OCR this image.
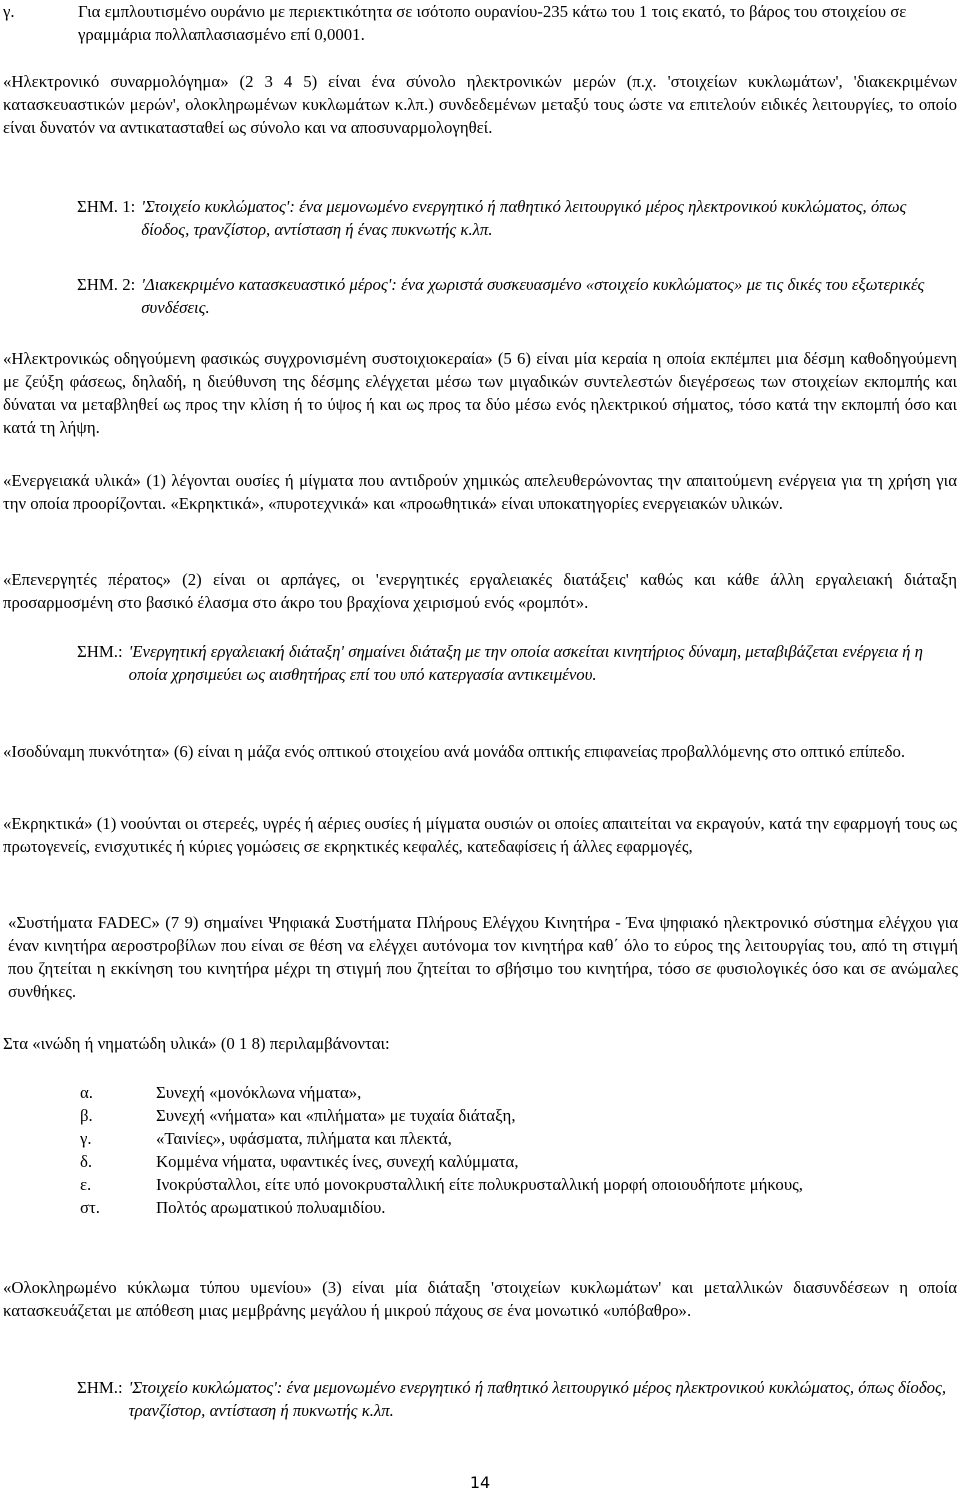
γ.	Για εμπλουτισμένο ουράνιο με περιεκτικότητα σε ισότοπο ουρανίου-235 κάτω του 1 τοις εκατό, το βάρος του στοιχείου σε γραμμάρια πολλαπλασιασμένο επί 0,0001.
«Ηλεκτρονικό συναρμολόγημα» (2 3 4 5) είναι ένα σύνολο ηλεκτρονικών μερών (π.χ. 'στοιχείων κυκλωμάτων', 'διακεκριμένων κατασκευαστικών μερών', ολοκληρωμένων κυκλωμάτων κ.λπ.) συνδεδεμένων μεταξύ τους ώστε να επιτελούν ειδικές λειτουργίες, το οποίο είναι δυνατόν να αντικατασταθεί ως σύνολο και να αποσυναρμολογηθεί.
ΣΗΜ. 1: 'Στοιχείο κυκλώματος': ένα μεμονωμένο ενεργητικό ή παθητικό λειτουργικό μέρος ηλεκτρονικού κυκλώματος, όπως δίοδος, τρανζίστορ, αντίσταση ή ένας πυκνωτής κ.λπ.
ΣΗΜ. 2: 'Διακεκριμένο κατασκευαστικό μέρος': ένα χωριστά συσκευασμένο «στοιχείο κυκλώματος» με τις δικές του εξωτερικές συνδέσεις.
«Ηλεκτρονικώς οδηγούμενη φασικώς συγχρονισμένη συστοιχιοκεραία» (5 6) είναι μία κεραία η οποία εκπέμπει μια δέσμη καθοδηγούμενη με ζεύξη φάσεως, δηλαδή, η διεύθυνση της δέσμης ελέγχεται μέσω των μιγαδικών συντελεστών διεγέρσεως των στοιχείων εκπομπής και δύναται να μεταβληθεί ως προς την κλίση ή το ύψος ή και ως προς τα δύο μέσω ενός ηλεκτρικού σήματος, τόσο κατά την εκπομπή όσο και κατά τη λήψη.
«Ενεργειακά υλικά» (1) λέγονται ουσίες ή μίγματα που αντιδρούν χημικώς απελευθερώνοντας την απαιτούμενη ενέργεια για τη χρήση για την οποία προορίζονται. «Εκρηκτικά», «πυροτεχνικά» και «προωθητικά» είναι υποκατηγορίες ενεργειακών υλικών.
«Επενεργητές πέρατος» (2) είναι οι αρπάγες, οι 'ενεργητικές εργαλειακές διατάξεις' καθώς και κάθε άλλη εργαλειακή διάταξη προσαρμοσμένη στο βασικό έλασμα στο άκρο του βραχίονα χειρισμού ενός «ρομπότ».
ΣΗΜ.: 'Ενεργητική εργαλειακή διάταξη' σημαίνει διάταξη με την οποία ασκείται κινητήριος δύναμη, μεταβιβάζεται ενέργεια ή η οποία χρησιμεύει ως αισθητήρας επί του υπό κατεργασία αντικειμένου.
«Ισοδύναμη πυκνότητα» (6) είναι η μάζα ενός οπτικού στοιχείου ανά μονάδα οπτικής επιφανείας προβαλλόμενης στο οπτικό επίπεδο.
«Εκρηκτικά» (1) νοούνται οι στερεές, υγρές ή αέριες ουσίες ή μίγματα ουσιών οι οποίες απαιτείται να εκραγούν, κατά την εφαρμογή τους ως πρωτογενείς, ενισχυτικές ή κύριες γομώσεις σε εκρηκτικές κεφαλές, κατεδαφίσεις ή άλλες εφαρμογές,
«Συστήματα FADEC» (7 9) σημαίνει Ψηφιακά Συστήματα Πλήρους Ελέγχου Κινητήρα - Ένα ψηφιακό ηλεκτρονικό σύστημα ελέγχου για έναν κινητήρα αεροστροβίλων που είναι σε θέση να ελέγχει αυτόνομα τον κινητήρα καθ΄ όλο το εύρος της λειτουργίας του, από τη στιγμή που ζητείται η εκκίνηση του κινητήρα μέχρι τη στιγμή που ζητείται το σβήσιμο του κινητήρα, τόσο σε φυσιολογικές όσο και σε ανώμαλες συνθήκες.
Στα «ινώδη ή νηματώδη υλικά» (0 1 8) περιλαμβάνονται:
α.	Συνεχή «μονόκλωνα νήματα»,
β.	Συνεχή «νήματα» και «πιλήματα» με τυχαία διάταξη,
γ.	«Ταινίες», υφάσματα, πιλήματα και πλεκτά,
δ.	Κομμένα νήματα, υφαντικές ίνες, συνεχή καλύμματα,
ε.	Ινοκρύσταλλοι, είτε υπό μονοκρυσταλλική είτε πολυκρυσταλλική μορφή οποιουδήποτε μήκους,
στ.	Πολτός αρωματικού πολυαμιδίου.
«Ολοκληρωμένο κύκλωμα τύπου υμενίου» (3) είναι μία διάταξη 'στοιχείων κυκλωμάτων' και μεταλλικών διασυνδέσεων η οποία κατασκευάζεται με απόθεση μιας μεμβράνης μεγάλου ή μικρού πάχους σε ένα μονωτικό «υπόβαθρο».
ΣΗΜ.: 'Στοιχείο κυκλώματος': ένα μεμονωμένο ενεργητικό ή παθητικό λειτουργικό μέρος ηλεκτρονικού κυκλώματος, όπως δίοδος, τρανζίστορ, αντίσταση ή πυκνωτής κ.λπ.
14
